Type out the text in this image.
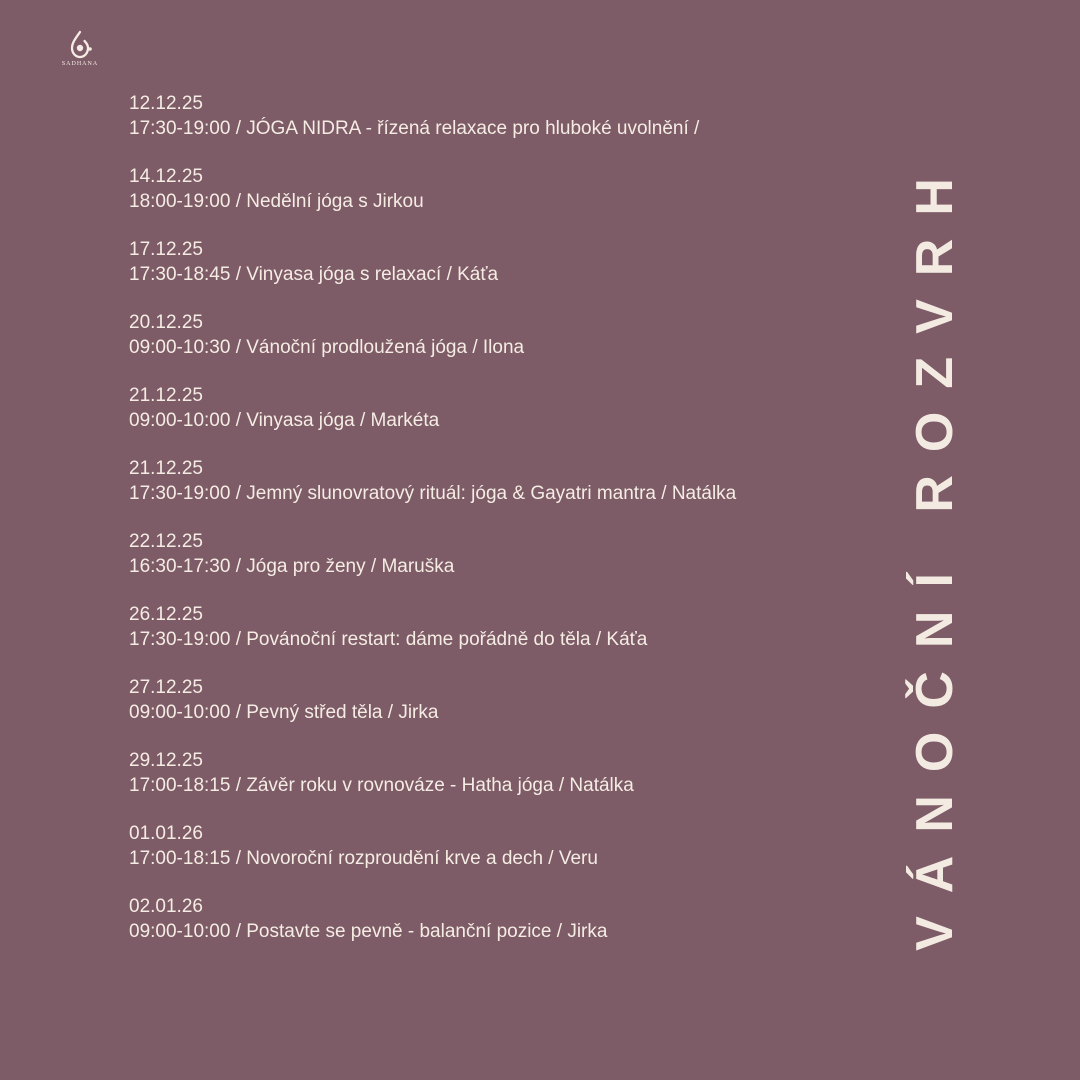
SADHANA
12.12.25
17:30-19:00 / JÓGA NIDRA - řízená relaxace pro hluboké uvolnění /
14.12.25
18:00-19:00 / Nedělní jóga s Jirkou
17.12.25
17:30-18:45 / Vinyasa jóga s relaxací / Káťa
20.12.25
09:00-10:30 / Vánoční prodloužená jóga / Ilona
21.12.25
09:00-10:00 / Vinyasa jóga / Markéta
21.12.25
17:30-19:00 / Jemný slunovratový rituál: jóga & Gayatri mantra / Natálka
22.12.25
16:30-17:30 / Jóga pro ženy / Maruška
26.12.25
17:30-19:00 / Povánoční restart: dáme pořádně do těla / Káťa
27.12.25
09:00-10:00 / Pevný střed těla / Jirka
29.12.25
17:00-18:15 / Závěr roku v rovnováze - Hatha jóga / Natálka
01.01.26
17:00-18:15 / Novoroční rozproudění krve a dech / Veru
02.01.26
09:00-10:00 / Postavte se pevně - balanční pozice / Jirka	VÁNOČNÍ ROZVRH
